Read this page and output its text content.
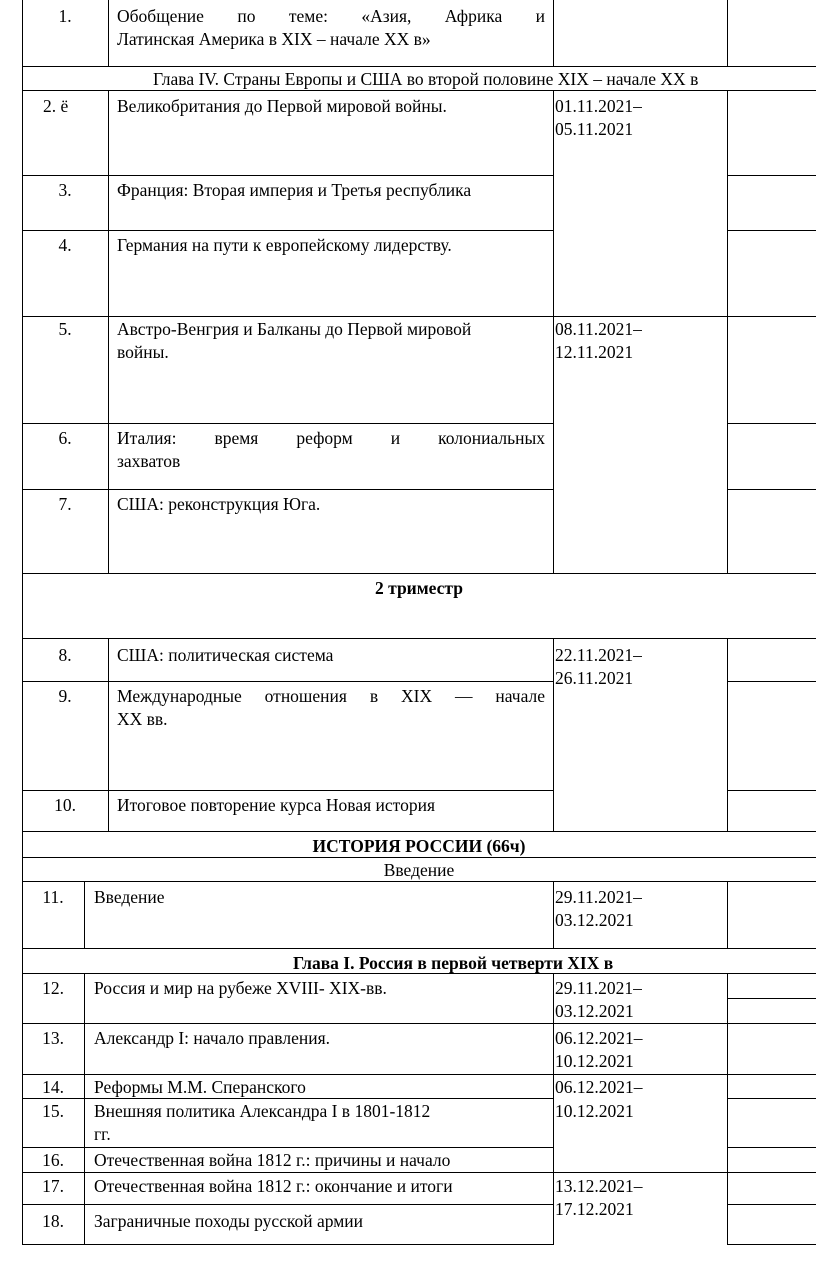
1.	Обобщение по теме: «Азия, Африка и
Латинская Америка в XIX – начале XX в»
Глава IV. Страны Европы и США во второй половине XIX – начале XX в
2. ё	Великобритания до Первой мировой войны.	01.11.2021–
05.11.2021
3.	Франция: Вторая империя и Третья республика
4.	Германия на пути к европейскому лидерству.
5.	Австро-Венгрия и Балканы до Первой мировой
войны.
08.11.2021–
12.11.2021
6.	Италия: время реформ и колониальных
захватов
7.	США: реконструкция Юга.
2 триместр
8.	США: политическая система	22.11.2021–
26.11.2021
9.	Международные отношения в XIX — начале
XX вв.
10.	Итоговое повторение курса Новая история
ИСТОРИЯ РОССИИ (66ч)
Введение
11.	Введение	29.11.2021–
03.12.2021
Глава I. Россия в первой четверти XIX в
12.	Россия и мир на рубеже XVIII- XIX-вв.	29.11.2021–
03.12.2021
13.	Александр I: начало правления.	06.12.2021–
10.12.2021
14.	Реформы М.М. Сперанского	06.12.2021–
10.12.2021
15.	Внешняя политика Александра I в 1801-1812
гг.
16.	Отечественная война 1812 г.: причины и начало
17.	Отечественная война 1812 г.: окончание и итоги	13.12.2021–
17.12.2021
18.	Заграничные походы русской армии
